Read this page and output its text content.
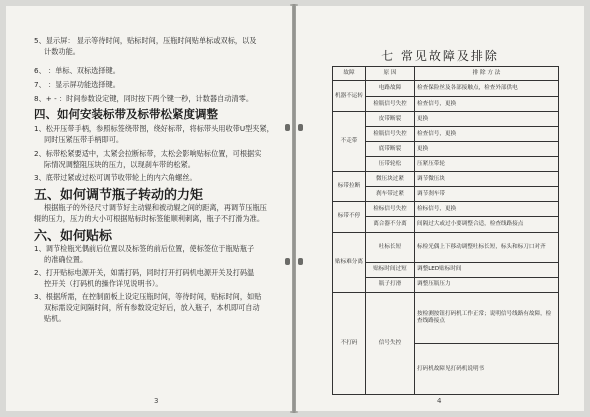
5、显示屏： 显示等待时间，贴标时间，压瓶时间贴单标或双标，以及
计数功能。
6、 ：单标、双标选择键。
7、 ：显示屏功能选择键。
8、+ - ：时间参数设定键，同时按下两个键一秒，计数器自动清零。
四、如何安装标带及标带松紧度调整
1、松开压带手柄，参照标签绕带图，绕好标带，将标带头用收带U型夹紧，
同时压紧压带手柄即可。
2、标带松紧要适中，太紧会拉断标带，太松会影响贴标位置，可根据实
际情况调整阻压块的压力，以现刹车带的松紧。
3、底带过紧或过松可调节收带轮上的内六角螺丝。
五、如何调节瓶子转动的力矩
根据瓶子的外径尺寸调节好主动辊和被动辊之间的距离，再调节压瓶压
辊的压力，压力的大小可根据贴标时标签能顺利刺离，瓶子不打滑为准。
六、如何贴标
1、调节检瓶光偶前后位置以及标签的前后位置，使标签位于瓶贴瓶子
的准确位置。
2、打开贴标电源开关，如需打码，同时打开打码机电源开关及打码温
控开关（打码机的操作详见说明书）。
3、根据所需，在控制面板上设定压瓶时间，等待时间，贴标时间，如贴
双标需设定间隔时间，所有参数设定好后，放入瓶子，本机即可自动
贴机。
3
七 常见故障及排除
故障	原 因	排 除 方 法
机器不运转	电路故障	检查保险丝及各部接触点，检查外部供电
	检瓶信号失控	检查信号，更换
不走带	皮带断裂	更换
	检瓶信号失控	检查信号，更换
	底带断裂	更换
	压带轮松	压紧压带轮
标带拉断	微压块过紧	调节微压块
	刹车带过紧	调节刹车带
标带不停	检标信号失控	检标信号，更换
	离合器不分离	间隔过大或过小要调整合适，检查线路接点
贴标难分离	吐标长短	标检光偶上下移动调整吐标长短，标头和标刀口对齐
	贴标时间过短	调整LED贴标时间
	瓶子打滑	调整压瓶压力
不打码	信号失控	按检测按钮打码机工作正常；说明信号线路有故障，检查线路接点
		打码机故障见打码机说明书
4
